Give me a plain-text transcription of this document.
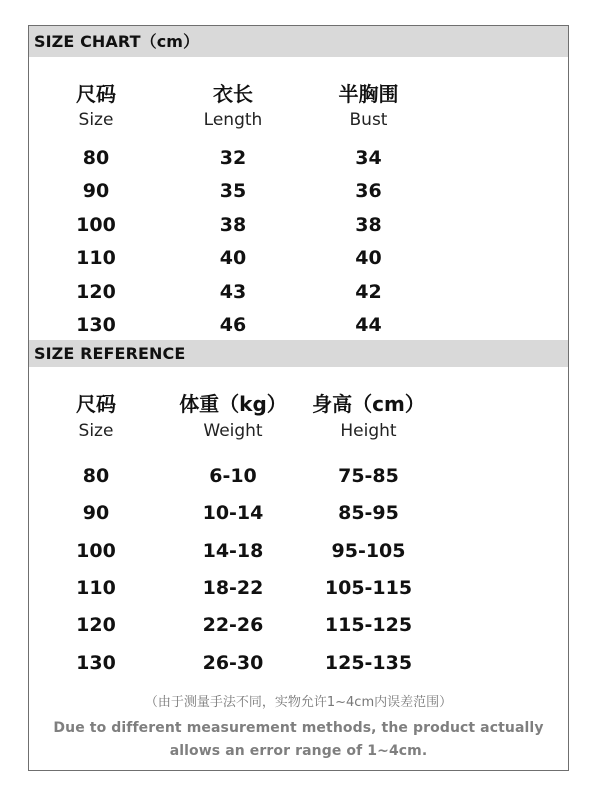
SIZE CHART（cm）
尺码	衣长	半胸围
Size	Length	Bust
80	32	34
90	35	36
100	38	38
110	40	40
120	43	42
130	46	44
SIZE REFERENCE
尺码	体重（kg）	身高（cm）
Size	Weight	Height
80	6-10	75-85
90	10-14	85-95
100	14-18	95-105
110	18-22	105-115
120	22-26	115-125
130	26-30	125-135
（由于测量手法不同，实物允许1~4cm内误差范围）
Due to different measurement methods, the product actually allows an error range of 1~4cm.
